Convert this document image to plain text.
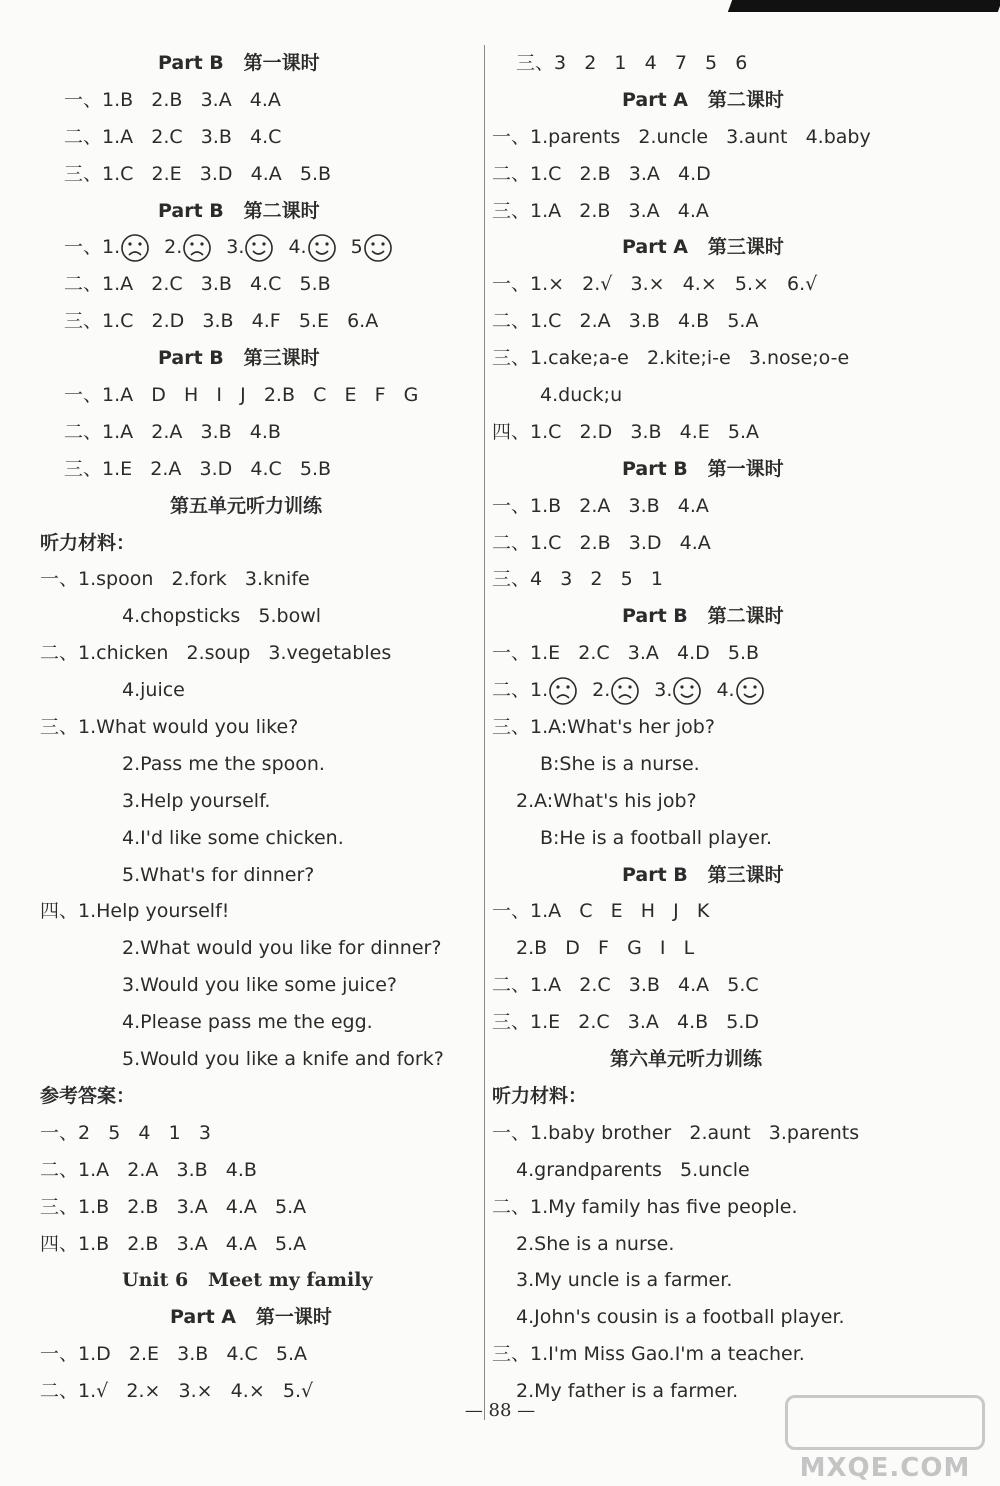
Part B   第一课时
一、1.B   2.B   3.A   4.A
二、1.A   2.C   3.B   4.C
三、1.C   2.E   3.D   4.A   5.B
Part B   第二课时
一、1. 2. 3. 4. 5
二、1.A   2.C   3.B   4.C   5.B
三、1.C   2.D   3.B   4.F   5.E   6.A
Part B   第三课时
一、1.A   D   H   I   J   2.B   C   E   F   G
二、1.A   2.A   3.B   4.B
三、1.E   2.A   3.D   4.C   5.B
第五单元听力训练
听力材料：
一、1.spoon   2.fork   3.knife
4.chopsticks   5.bowl
二、1.chicken   2.soup   3.vegetables
4.juice
三、1.What would you like?
2.Pass me the spoon.
3.Help yourself.
4.I'd like some chicken.
5.What's for dinner?
四、1.Help yourself!
2.What would you like for dinner?
3.Would you like some juice?
4.Please pass me the egg.
5.Would you like a knife and fork?
参考答案：
一、2   5   4   1   3
二、1.A   2.A   3.B   4.B
三、1.B   2.B   3.A   4.A   5.A
四、1.B   2.B   3.A   4.A   5.A
Unit 6   Meet my family
Part A   第一课时
一、1.D   2.E   3.B   4.C   5.A
二、1.√   2.×   3.×   4.×   5.√
三、3   2   1   4   7   5   6
Part A   第二课时
一、1.parents   2.uncle   3.aunt   4.baby
二、1.C   2.B   3.A   4.D
三、1.A   2.B   3.A   4.A
Part A   第三课时
一、1.×   2.√   3.×   4.×   5.×   6.√
二、1.C   2.A   3.B   4.B   5.A
三、1.cake;a-e   2.kite;i-e   3.nose;o-e
4.duck;u
四、1.C   2.D   3.B   4.E   5.A
Part B   第一课时
一、1.B   2.A   3.B   4.A
二、1.C   2.B   3.D   4.A
三、4   3   2   5   1
Part B   第二课时
一、1.E   2.C   3.A   4.D   5.B
二、1. 2. 3. 4.
三、1.A:What's her job?
B:She is a nurse.
2.A:What's his job?
B:He is a football player.
Part B   第三课时
一、1.A   C   E   H   J   K
2.B   D   F   G   I   L
二、1.A   2.C   3.B   4.A   5.C
三、1.E   2.C   3.A   4.B   5.D
第六单元听力训练
听力材料：
一、1.baby brother   2.aunt   3.parents
4.grandparents   5.uncle
二、1.My family has five people.
2.She is a nurse.
3.My uncle is a farmer.
4.John's cousin is a football player.
三、1.I'm Miss Gao.I'm a teacher.
2.My father is a farmer.
— 88 —
MXQE.COM
